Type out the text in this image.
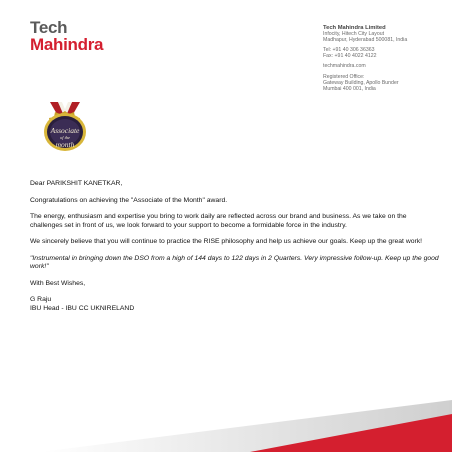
Tech
Mahindra
Tech Mahindra Limited
Infocity, Hitech City Layout
Madhapur, Hyderabad 500081, India
Tel: +91 40 306 36363
Fax: +91 40 4022 4122
techmahindra.com
Registered Office:
Gateway Building, Apollo Bunder
Mumbai 400 001, India
Associate
of the
month

Dear PARIKSHIT KANETKAR,

Congratulations on achieving the "Associate of the Month" award.

The energy, enthusiasm and expertise you bring to work daily are reflected across our brand and business. As we take on the challenges set in front of us, we look forward to your support to become a formidable force in the industry.

We sincerely believe that you will continue to practice the RISE philosophy and help us achieve our goals. Keep up the great work!

"Instrumental in bringing down the DSO from a high of 144 days to 122 days in 2 Quarters. Very impressive follow-up. Keep up the good work!"

With Best Wishes,

G Raju
IBU Head - IBU CC UKNIRELAND
